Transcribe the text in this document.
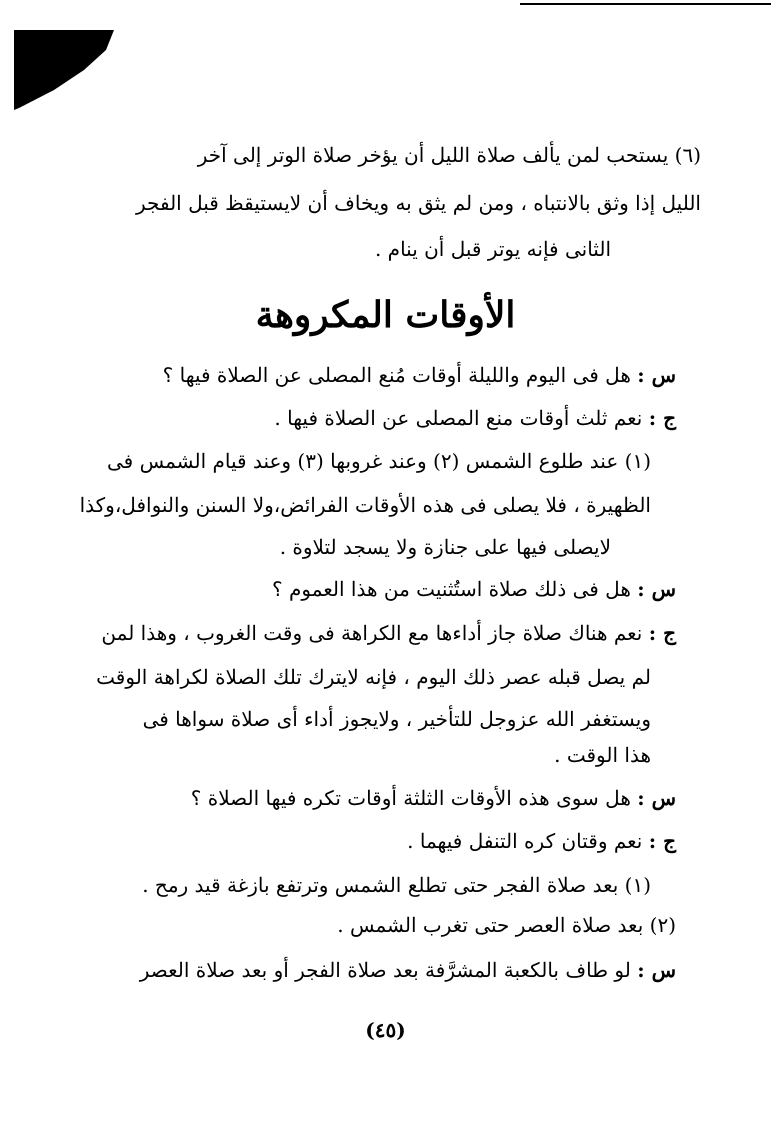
(٦) يستحب لمن يألف صلاة الليل أن يؤخر صلاة الوتر إلى آخر
الليل إذا وثق بالانتباه ، ومن لم يثق به ويخاف أن لايستيقظ قبل الفجر
الثانى فإنه يوتر قبل أن ينام .
الأوقات المكروهة
س : هل فى اليوم والليلة أوقات مُنع المصلى عن الصلاة فيها ؟
ج : نعم ثلث أوقات منع المصلى عن الصلاة فيها .
(١) عند طلوع الشمس (٢) وعند غروبها (٣) وعند قيام الشمس فى
الظهيرة ، فلا يصلى فى هذه الأوقات الفرائض،ولا السنن والنوافل،وكذا
لايصلى فيها على جنازة ولا يسجد لتلاوة .
س : هل فى ذلك صلاة استُثنيت من هذا العموم ؟
ج : نعم هناك صلاة جاز أداءها مع الكراهة فى وقت الغروب ، وهذا لمن
لم يصل قبله عصر ذلك اليوم ، فإنه لايترك تلك الصلاة لكراهة الوقت
ويستغفر الله عزوجل للتأخير ، ولايجوز أداء أى صلاة سواها فى
هذا الوقت .
س : هل سوى هذه الأوقات الثلثة أوقات تكره فيها الصلاة ؟
ج : نعم وقتان كره التنفل فيهما .
(١) بعد صلاة الفجر حتى تطلع الشمس وترتفع بازغة قيد رمح .
(٢) بعد صلاة العصر حتى تغرب الشمس .
س : لو طاف بالكعبة المشرَّفة بعد صلاة الفجر أو بعد صلاة العصر
(٤٥)
